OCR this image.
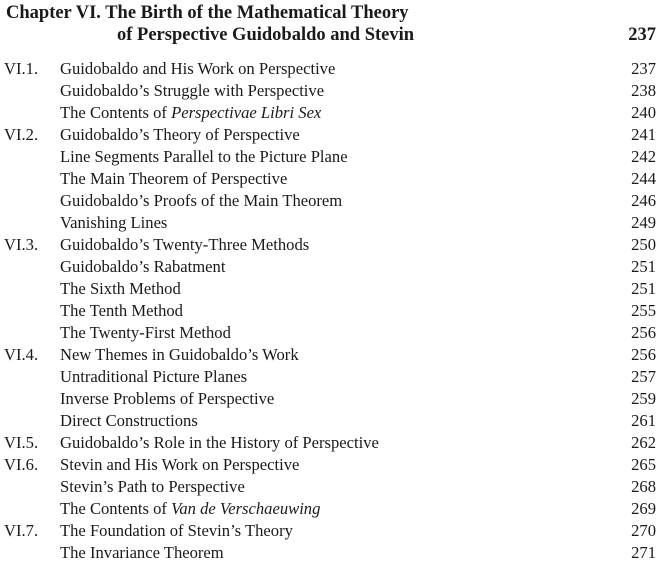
Chapter VI. The Birth of the Mathematical Theory
of Perspective Guidobaldo and Stevin	237
VI.1. Guidobaldo and His Work on Perspective	237
Guidobaldo’s Struggle with Perspective	238
The Contents of Perspectivae Libri Sex	240
VI.2. Guidobaldo’s Theory of Perspective	241
Line Segments Parallel to the Picture Plane	242
The Main Theorem of Perspective	244
Guidobaldo’s Proofs of the Main Theorem	246
Vanishing Lines	249
VI.3. Guidobaldo’s Twenty-Three Methods	250
Guidobaldo’s Rabatment	251
The Sixth Method	251
The Tenth Method	255
The Twenty-First Method	256
VI.4. New Themes in Guidobaldo’s Work	256
Untraditional Picture Planes	257
Inverse Problems of Perspective	259
Direct Constructions	261
VI.5. Guidobaldo’s Role in the History of Perspective	262
VI.6. Stevin and His Work on Perspective	265
Stevin’s Path to Perspective	268
The Contents of Van de Verschaeuwing	269
VI.7. The Foundation of Stevin’s Theory	270
The Invariance Theorem	271
